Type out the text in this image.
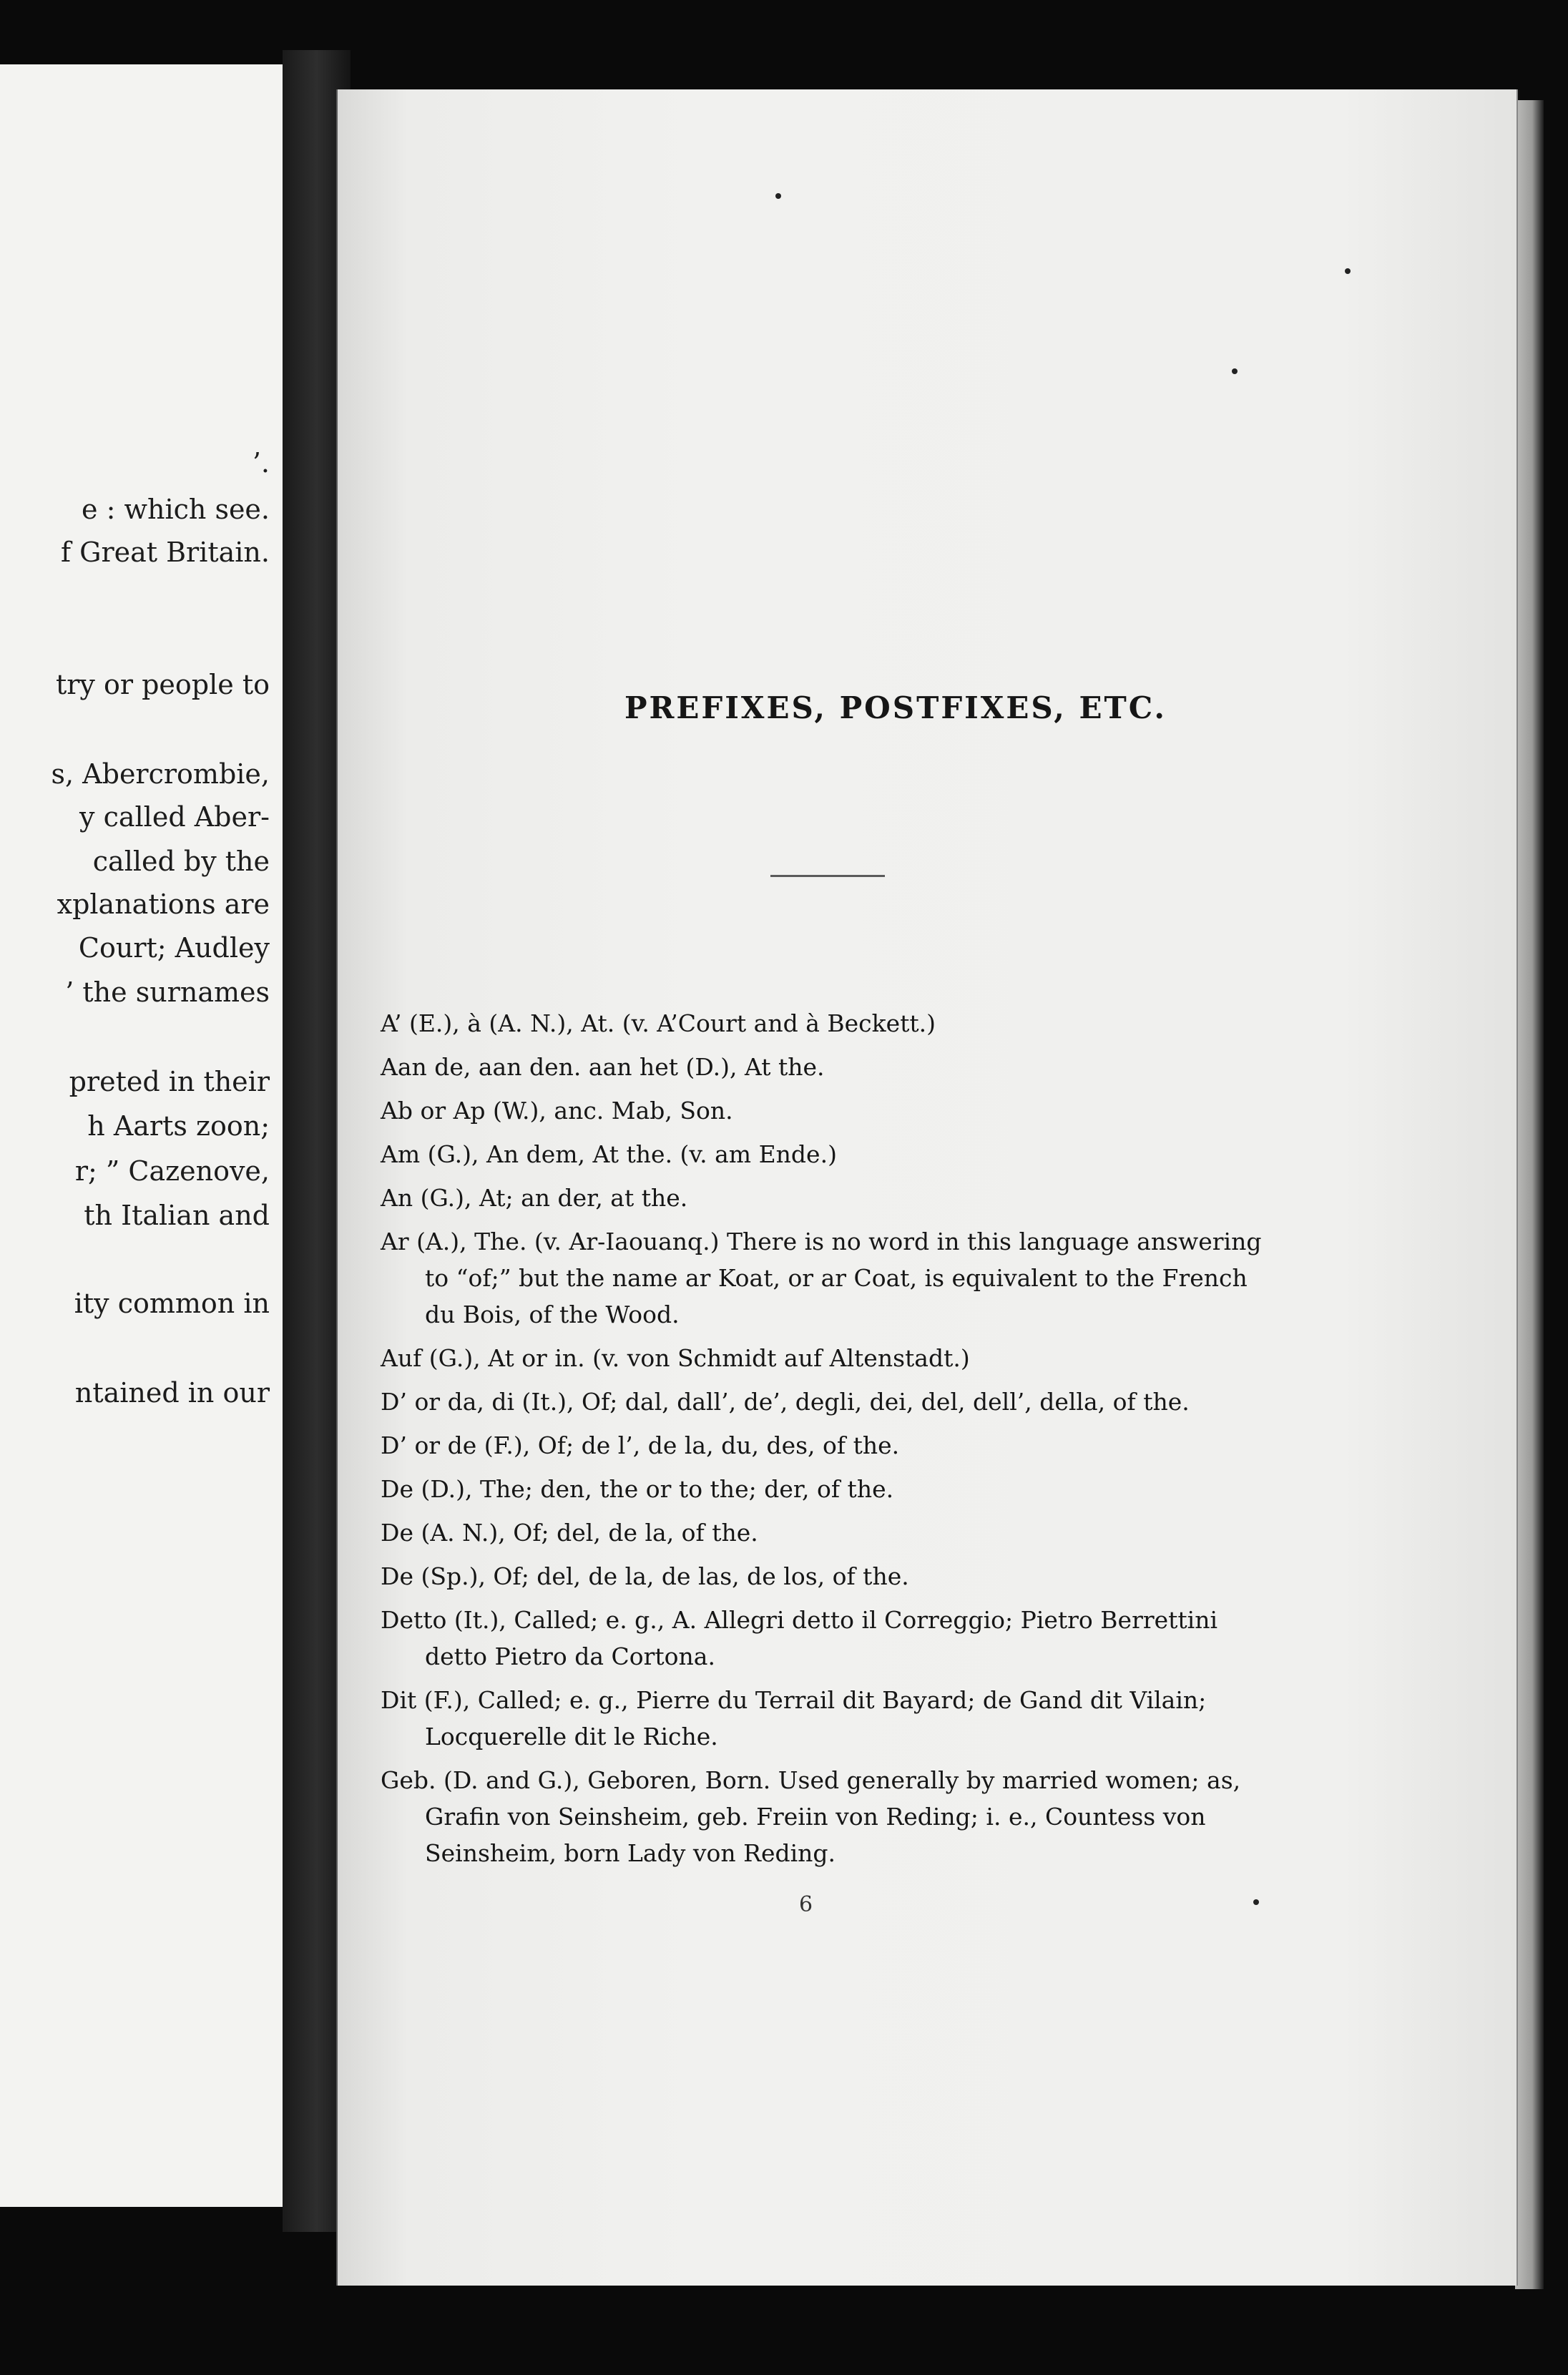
’.

e : which see.

f Great Britain.

try or people to

s, Abercrombie,

y called Aber-

called by the

xplanations are

Court; Audley

’ the surnames

preted in their

h Aarts zoon;

r; ” Cazenove,

th Italian and

ity common in

ntained in our

PREFIXES, POSTFIXES, ETC.
A’ (E.), à (A. N.), At. (v. A’Court and à Beckett.)
Aan de, aan den. aan het (D.), At the.
Ab or Ap (W.), anc. Mab, Son.
Am (G.), An dem, At the. (v. am Ende.)
An (G.), At; an der, at the.
Ar (A.), The. (v. Ar-Iaouanq.) There is no word in this language answering to “of;” but the name ar Koat, or ar Coat, is equivalent to the French du Bois, of the Wood.
Auf (G.), At or in. (v. von Schmidt auf Altenstadt.)
D’ or da, di (It.), Of; dal, dall’, de’, degli, dei, del, dell’, della, of the.
D’ or de (F.), Of; de l’, de la, du, des, of the.
De (D.), The; den, the or to the; der, of the.
De (A. N.), Of; del, de la, of the.
De (Sp.), Of; del, de la, de las, de los, of the.
Detto (It.), Called; e. g., A. Allegri detto il Correggio; Pietro Berrettini detto Pietro da Cortona.
Dit (F.), Called; e. g., Pierre du Terrail dit Bayard; de Gand dit Vilain; Locquerelle dit le Riche.
Geb. (D. and G.), Geboren, Born. Used generally by married women; as, Grafin von Seinsheim, geb. Freiin von Reding; i. e., Countess von Seinsheim, born Lady von Reding.

6
